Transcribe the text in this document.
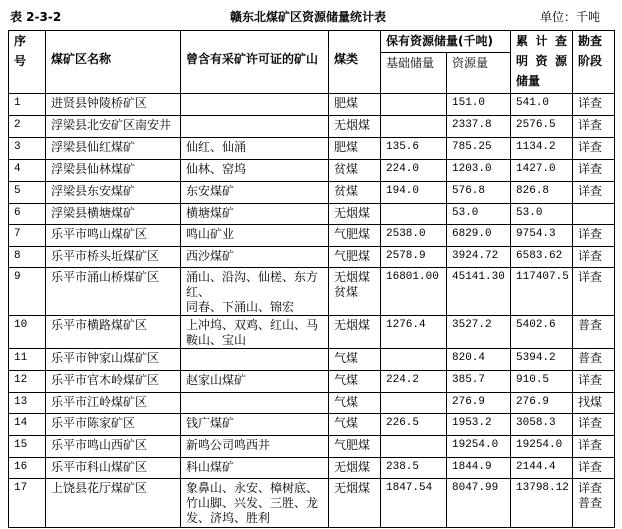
表 2-3-2	赣东北煤矿区资源储量统计表	单位：千吨
序
号	煤矿区名称	曾含有采矿许可证的矿山	煤类	保有资源储量(千吨)		累计查
明资源
储量	勘查
阶段
				基础储量	资源量		
1	进贤县钟陵桥矿区		肥煤		151.0	541.0	详查
2	浮梁县北安矿区南安井		无烟煤		2337.8	2576.5	详查
3	浮梁县仙红煤矿	仙红、仙涌	肥煤	135.6	785.25	1134.2	详查
4	浮梁县仙林煤矿	仙林、窑坞	贫煤	224.0	1203.0	1427.0	详查
5	浮梁县东安煤矿	东安煤矿	贫煤	194.0	576.8	826.8	详查
6	浮梁县横塘煤矿	横塘煤矿	无烟煤		53.0	53.0	
7	乐平市鸣山煤矿区	鸣山矿业	气肥煤	2538.0	6829.0	9754.3	详查
8	乐平市桥头坵煤矿区	西沙煤矿	气肥煤	2578.9	3924.72	6583.62	详查
9	乐平市涌山桥煤矿区	涌山、沿沟、仙槎、东方红、
同春、下涌山、锦宏	无烟煤
贫煤	16801.00	45141.30	117407.5	详查
10	乐平市横路煤矿区	上冲坞、双鸡、红山、马鞍山、宝山	无烟煤	1276.4	3527.2	5402.6	普查
11	乐平市钟家山煤矿区		气煤		820.4	5394.2	普查
12	乐平市官木岭煤矿区	赵家山煤矿	气煤	224.2	385.7	910.5	详查
13	乐平市江岭煤矿区		气煤		276.9	276.9	找煤
14	乐平市陈家矿区	钱广煤矿	气煤	226.5	1953.2	3058.3	详查
15	乐平市鸣山西矿区	新鸣公司鸣西井	气肥煤		19254.0	19254.0	详查
16	乐平市科山煤矿区	科山煤矿	无烟煤	238.5	1844.9	2144.4	详查
17	上饶县花厅煤矿区	象鼻山、永安、樟树底、竹山脚、兴发、三胜、龙发、济坞、胜利	无烟煤	1847.54	8047.99	13798.12	详查
普查
